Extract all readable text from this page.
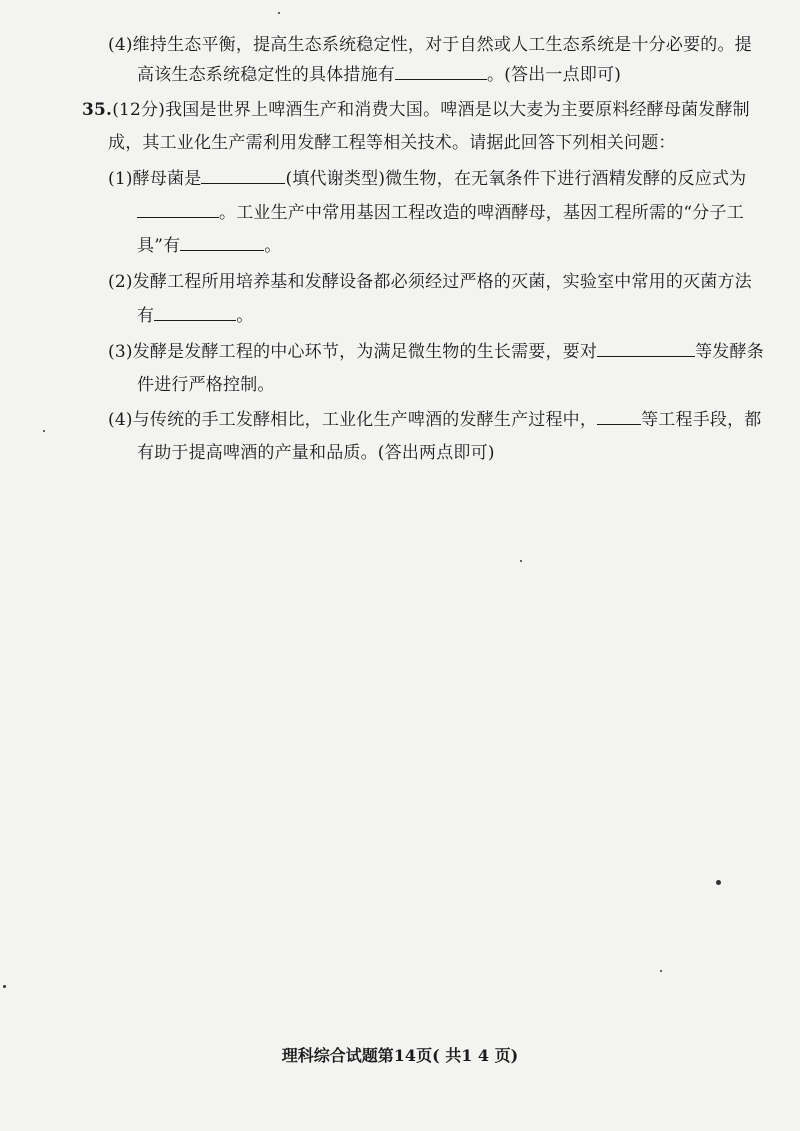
(4)维持生态平衡，提高生态系统稳定性，对于自然或人工生态系统是十分必要的。提
高该生态系统稳定性的具体措施有	。(答出一点即可)
35.(12分)我国是世界上啤酒生产和消费大国。啤酒是以大麦为主要原料经酵母菌发酵制
成，其工业化生产需利用发酵工程等相关技术。请据此回答下列相关问题：
(1)酵母菌是	(填代谢类型)微生物，在无氧条件下进行酒精发酵的反应式为
。工业生产中常用基因工程改造的啤酒酵母，基因工程所需的“分子工
具”有	。
(2)发酵工程所用培养基和发酵设备都必须经过严格的灭菌，实验室中常用的灭菌方法
有	。
(3)发酵是发酵工程的中心环节，为满足微生物的生长需要，要对	等发酵条
件进行严格控制。
(4)与传统的手工发酵相比，工业化生产啤酒的发酵生产过程中，	等工程手段，都
有助于提高啤酒的产量和品质。(答出两点即可)
理科综合试题第14页( 共1 4 页)
